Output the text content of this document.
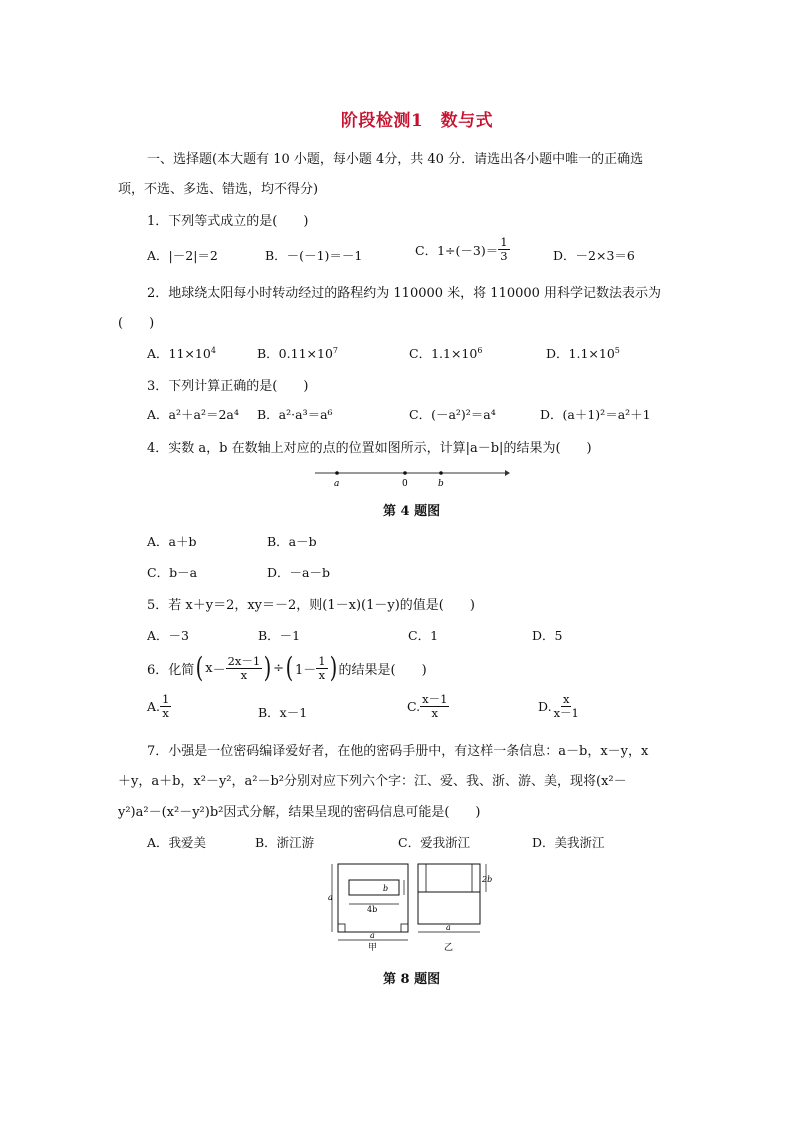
阶段检测1　数与式
一、选择题(本大题有 10 小题，每小题 4分，共 40 分．请选出各小题中唯一的正确选
项，不选、多选、错选，均不得分)
1．下列等式成立的是(　　)
A．|－2|＝2	B．－(－1)＝－1	C．$1\div(-3)= \frac{1}{3}$	D．－2×3＝6
2．地球绕太阳每小时转动经过的路程约为 110000 米，将 110000 用科学记数法表示为
(　　)
A．$11\times 10^4$	B．$0.11\times 10^7$	C．$1.1\times 10^6$	D．$1.1\times 10^5$
3．下列计算正确的是(　　)
A．a²＋a²＝2a⁴ B．a²·a³＝a⁶	C．(－a²)²＝a⁴	D．(a＋1)²＝a²＋1
4．实数 a，b 在数轴上对应的点的位置如图所示，计算|a－b|的结果为(　　)
a	0	b
第 4 题图
A．a＋b	B．a－b
C．b－a	D．－a－b
5．若 x＋y＝2，xy＝－2，则(1－x)(1－y)的值是(　　)
A．－3	B．－1	C．1	D．5
6．化简 ( $x - \frac{2x-1}{x}$ ) ÷ ( $1- \frac{1}{x}$ ) 的结果是(　　)
A. $\frac{1}{x}$	B．x－1	C. $\frac{x-1}{x}$	D. $\frac{x}{x-1}$
7．小强是一位密码编译爱好者，在他的密码手册中，有这样一条信息：a－b，x－y，x
＋y，a＋b，x²－y²，a²－b²分别对应下列六个字：江、爱、我、浙、游、美，现将(x²－
y²)a²－(x²－y²)b²因式分解，结果呈现的密码信息可能是(　　)
A．我爱美	B．浙江游	C．爱我浙江	D．美我浙江
a
b
4b
a
甲
2b
a
乙
第 8 题图
